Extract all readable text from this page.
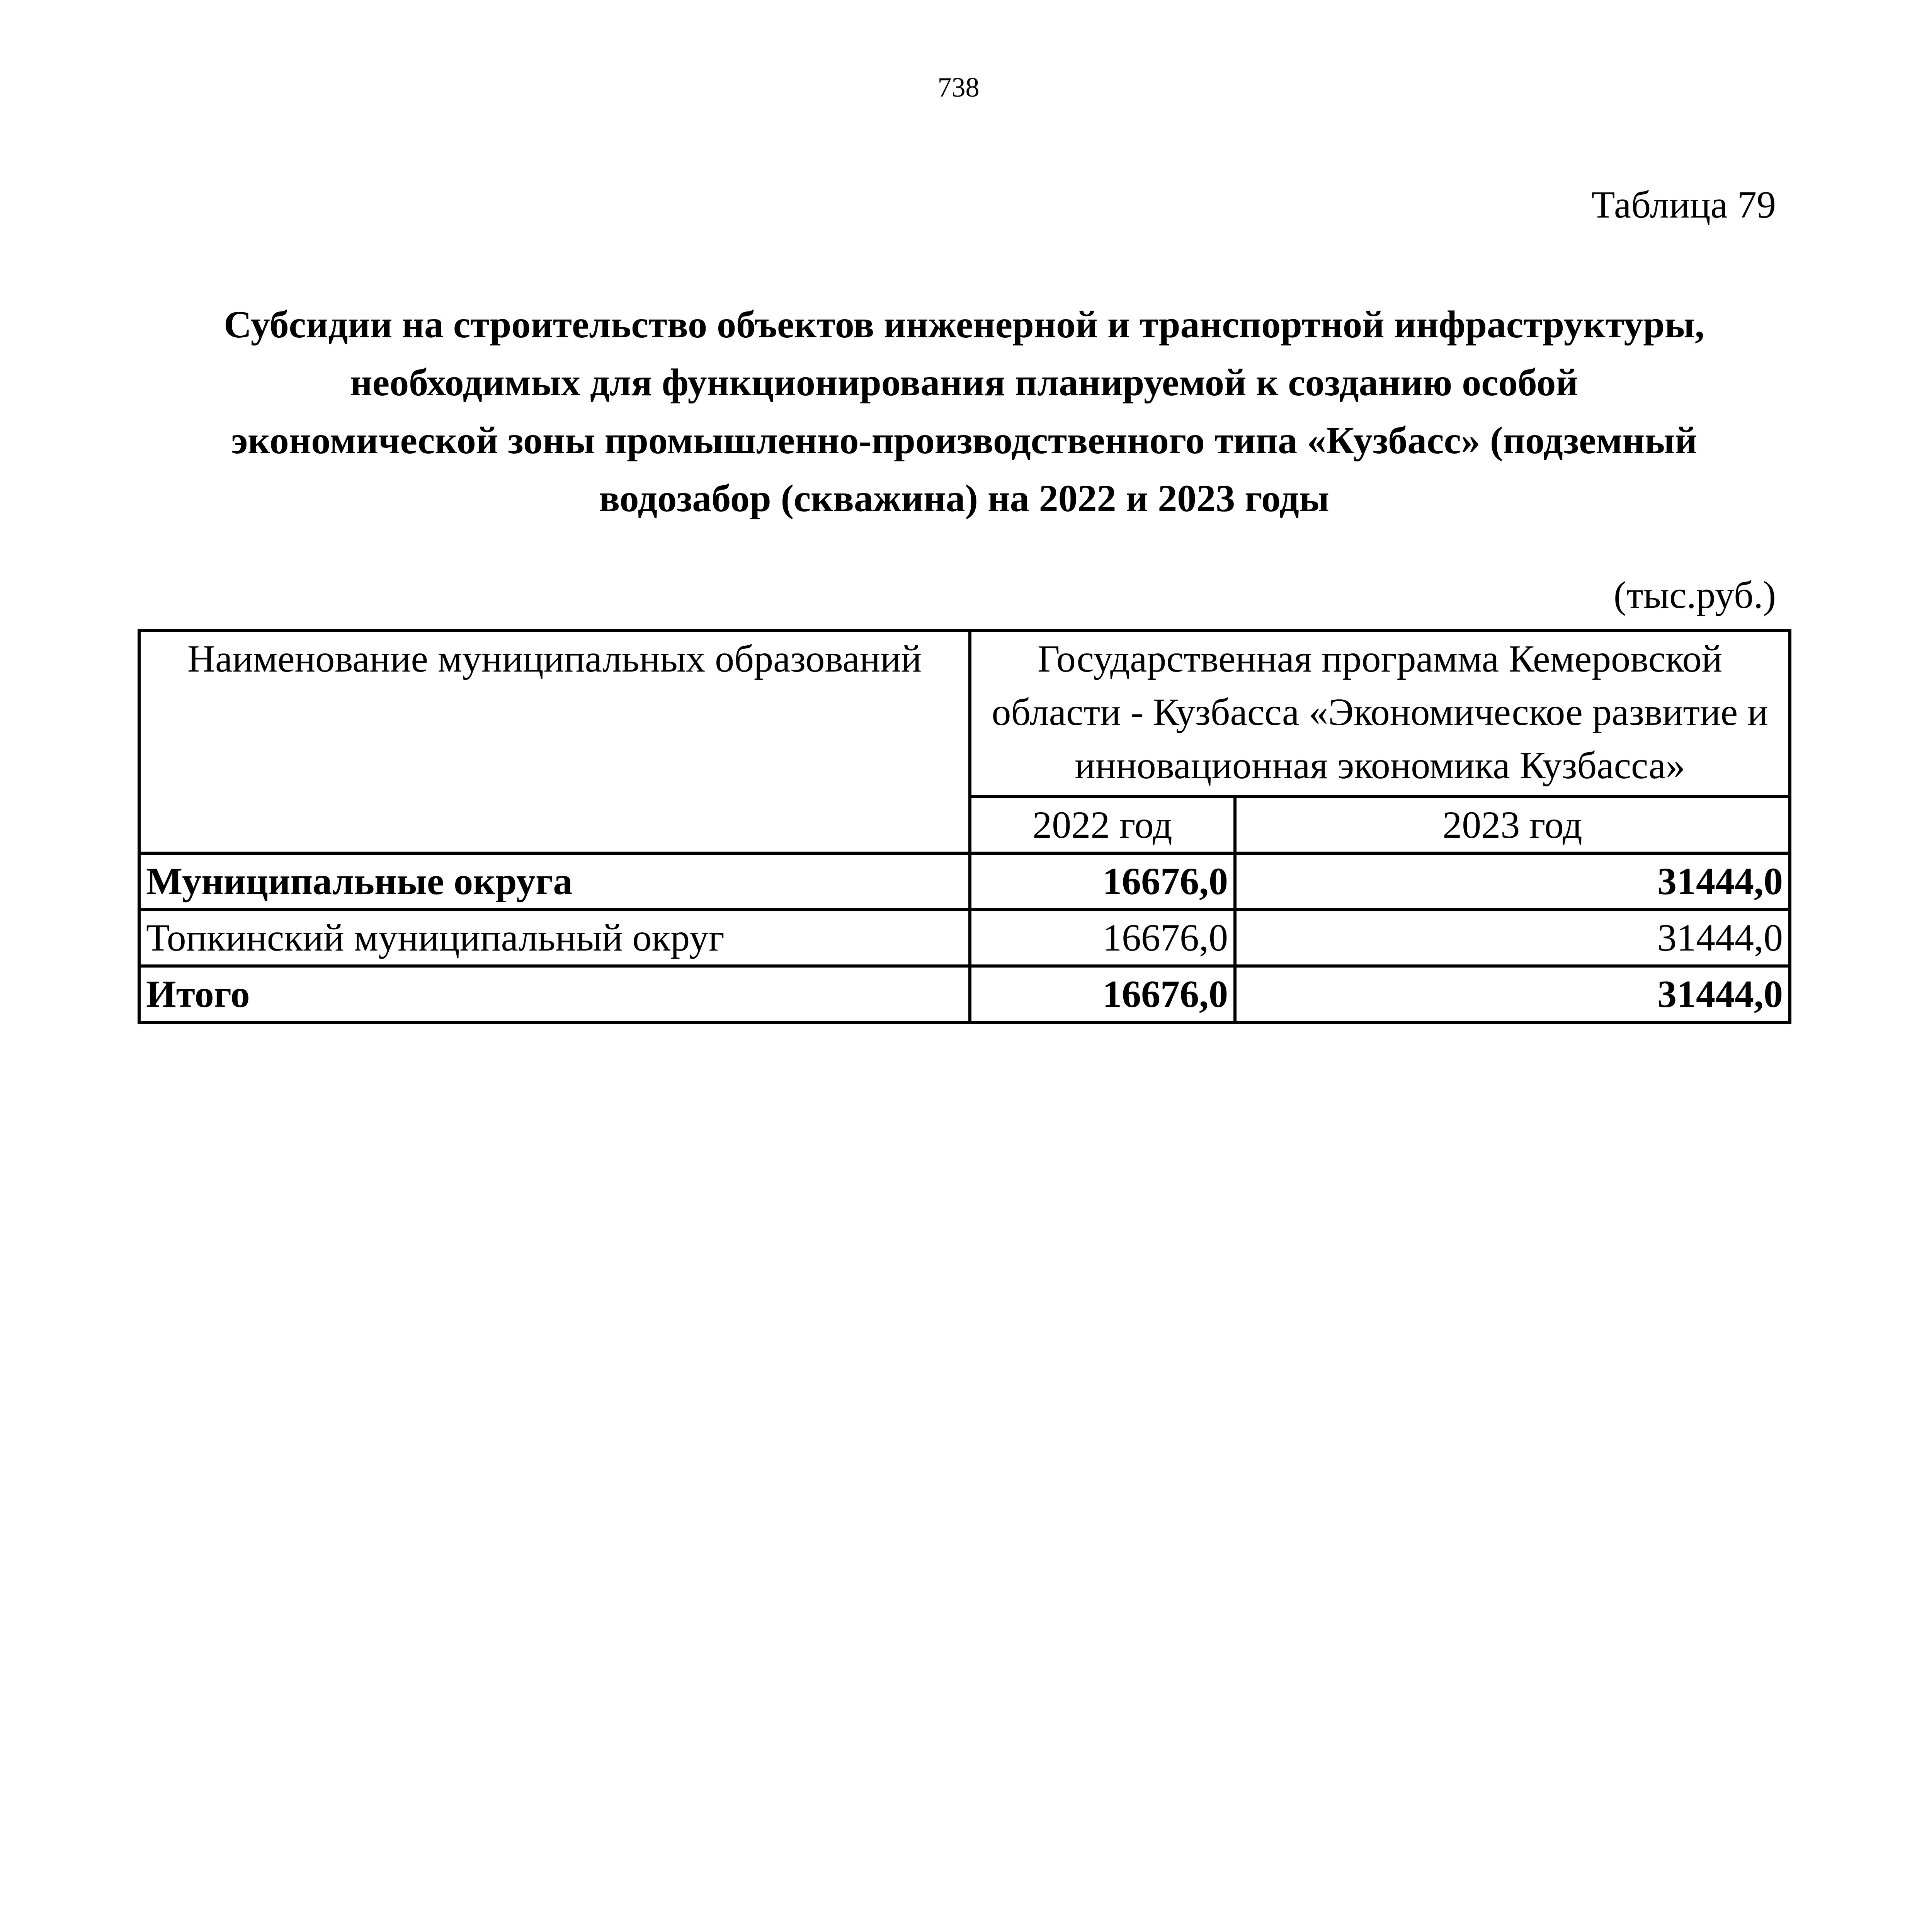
738
Таблица 79
Субсидии на строительство объектов инженерной и транспортной инфраструктуры,
необходимых для функционирования планируемой к созданию особой
экономической зоны промышленно-производственного типа «Кузбасс» (подземный
водозабор (скважина) на 2022 и 2023 годы
(тыс.руб.)
Наименование муниципальных образований	Государственная программа Кемеровской области - Кузбасса «Экономическое развитие и инновационная экономика Кузбасса»	
	2022 год	2023 год
Муниципальные округа	16676,0	31444,0
Топкинский муниципальный округ	16676,0	31444,0
Итого	16676,0	31444,0
